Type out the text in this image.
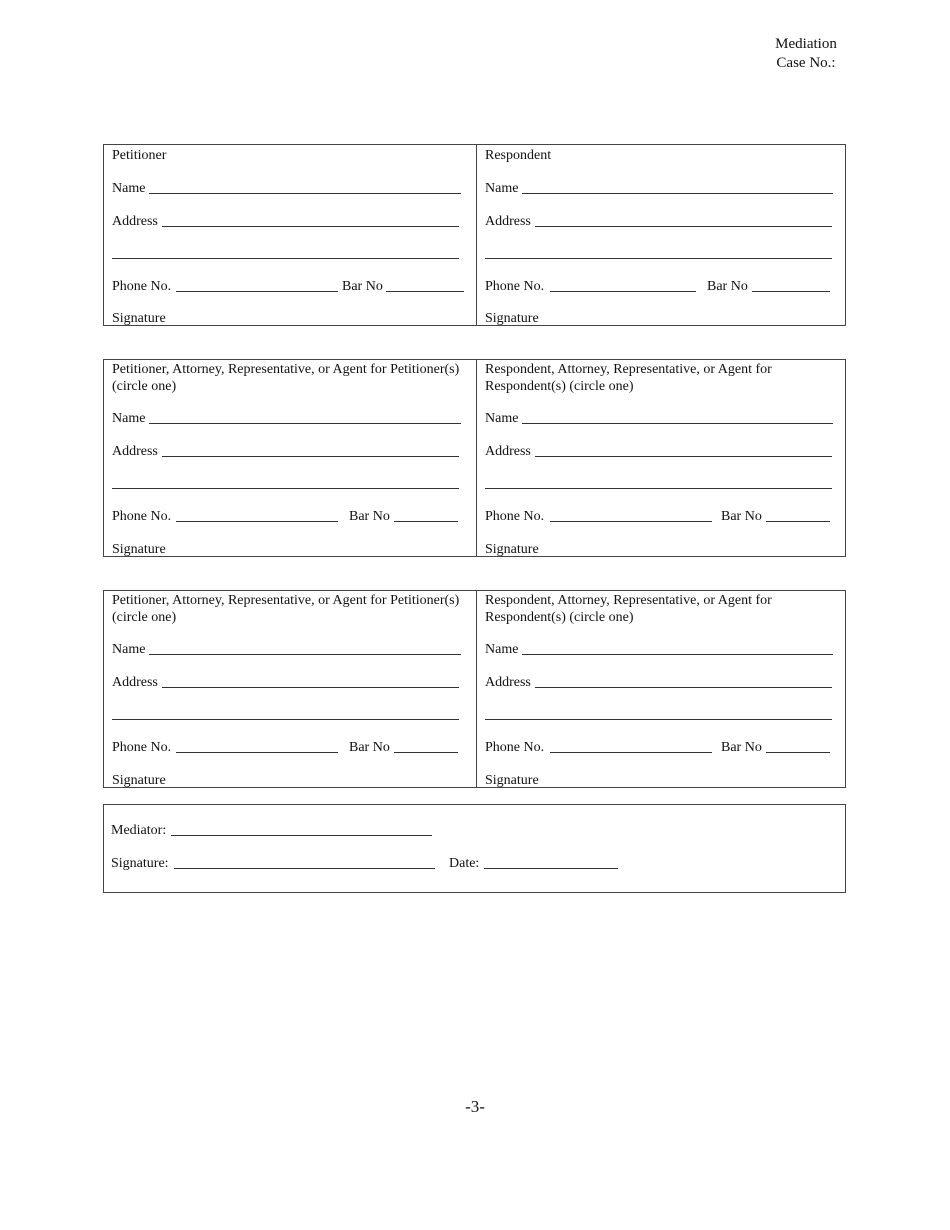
Mediation
Case No.:
Petitioner
Name
Address
Phone No.	Bar No
Signature
Respondent
Name
Address
Phone No.	Bar No
Signature
Petitioner, Attorney, Representative, or Agent for Petitioner(s) (circle one)
Name
Address
Phone No.	Bar No
Signature
Respondent, Attorney, Representative, or Agent for Respondent(s) (circle one)
Name
Address
Phone No.	Bar No
Signature
Petitioner, Attorney, Representative, or Agent for Petitioner(s) (circle one)
Name
Address
Phone No.	Bar No
Signature
Respondent, Attorney, Representative, or Agent for Respondent(s) (circle one)
Name
Address
Phone No.	Bar No
Signature
Mediator:
Signature:	Date:
-3-
